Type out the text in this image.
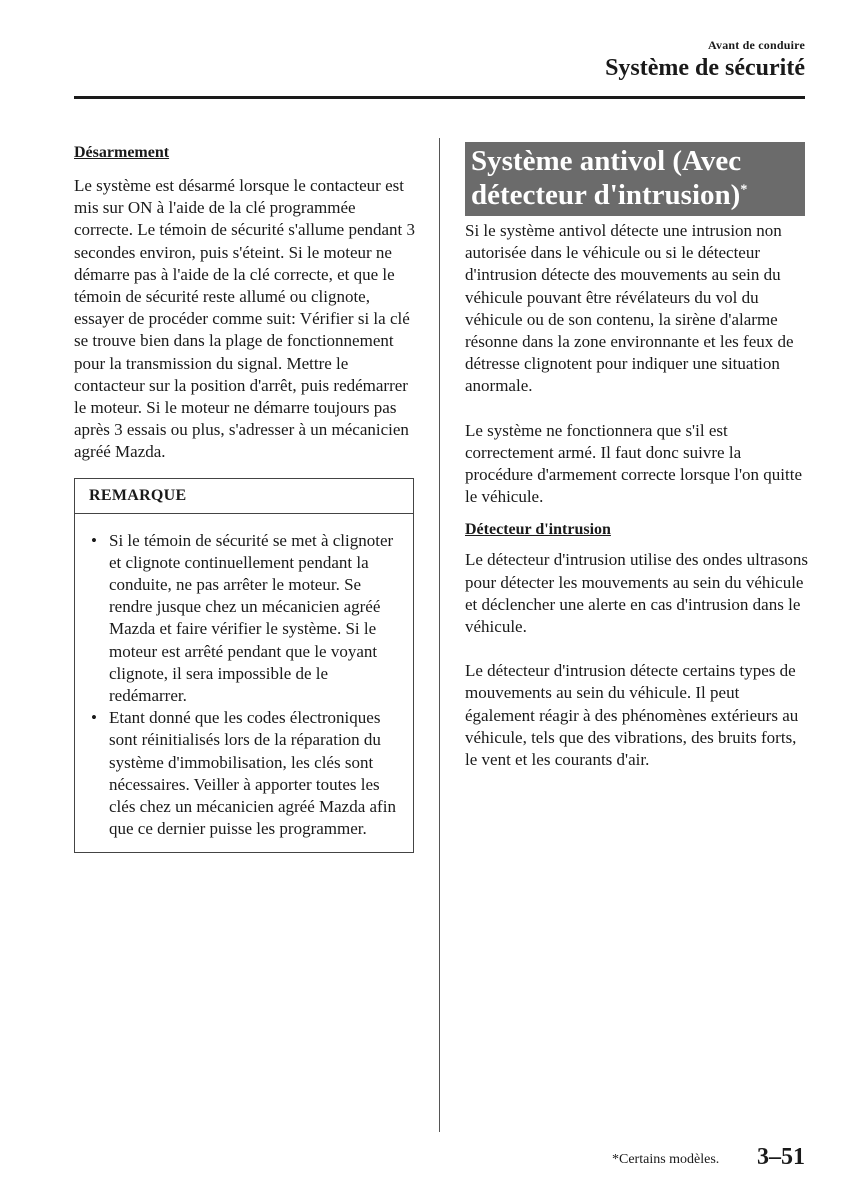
Avant de conduire
Système de sécurité
Désarmement

Le système est désarmé lorsque le contacteur est mis sur ON à l'aide de la clé programmée correcte. Le témoin de sécurité s'allume pendant 3 secondes environ, puis s'éteint. Si le moteur ne démarre pas à l'aide de la clé correcte, et que le témoin de sécurité reste allumé ou clignote, essayer de procéder comme suit: Vérifier si la clé se trouve bien dans la plage de fonctionnement pour la transmission du signal. Mettre le contacteur sur la position d'arrêt, puis redémarrer le moteur. Si le moteur ne démarre toujours pas après 3 essais ou plus, s'adresser à un mécanicien agréé Mazda.

REMARQUE
• Si le témoin de sécurité se met à clignoter et clignote continuellement pendant la conduite, ne pas arrêter le moteur. Se rendre jusque chez un mécanicien agréé Mazda et faire vérifier le système. Si le moteur est arrêté pendant que le voyant clignote, il sera impossible de le redémarrer.
• Etant donné que les codes électroniques sont réinitialisés lors de la réparation du système d'immobilisation, les clés sont nécessaires. Veiller à apporter toutes les clés chez un mécanicien agréé Mazda afin que ce dernier puisse les programmer.
Système antivol (Avec
détecteur d'intrusion)*

Si le système antivol détecte une intrusion non autorisée dans le véhicule ou si le détecteur d'intrusion détecte des mouvements au sein du véhicule pouvant être révélateurs du vol du véhicule ou de son contenu, la sirène d'alarme résonne dans la zone environnante et les feux de détresse clignotent pour indiquer une situation anormale.

Le système ne fonctionnera que s'il est correctement armé. Il faut donc suivre la procédure d'armement correcte lorsque l'on quitte le véhicule.

Détecteur d'intrusion

Le détecteur d'intrusion utilise des ondes ultrasons pour détecter les mouvements au sein du véhicule et déclencher une alerte en cas d'intrusion dans le véhicule.

Le détecteur d'intrusion détecte certains types de mouvements au sein du véhicule. Il peut également réagir à des phénomènes extérieurs au véhicule, tels que des vibrations, des bruits forts, le vent et les courants d'air.

*Certains modèles. 3–51
